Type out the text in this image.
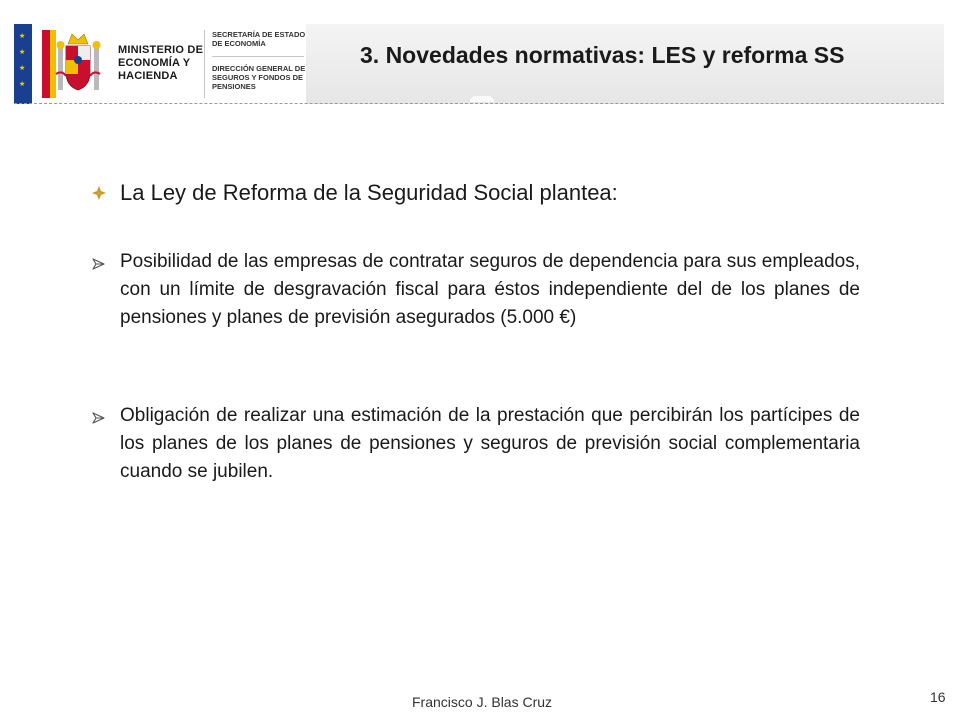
★
★
★
★
MINISTERIO DE ECONOMÍA Y HACIENDA
SECRETARÍA DE ESTADO DE ECONOMÍA
DIRECCIÓN GENERAL DE SEGUROS Y FONDOS DE PENSIONES
3. Novedades normativas: LES y reforma SS
La Ley de Reforma de la Seguridad Social plantea:
Posibilidad de las empresas de contratar seguros de dependencia para sus empleados, con un límite de desgravación fiscal para éstos independiente del de los planes de pensiones y planes de previsión asegurados (5.000 €)
Obligación de realizar una estimación de la prestación que percibirán los partícipes de los planes de los planes de pensiones y seguros de previsión social complementaria cuando se jubilen.
Francisco J. Blas Cruz	16
